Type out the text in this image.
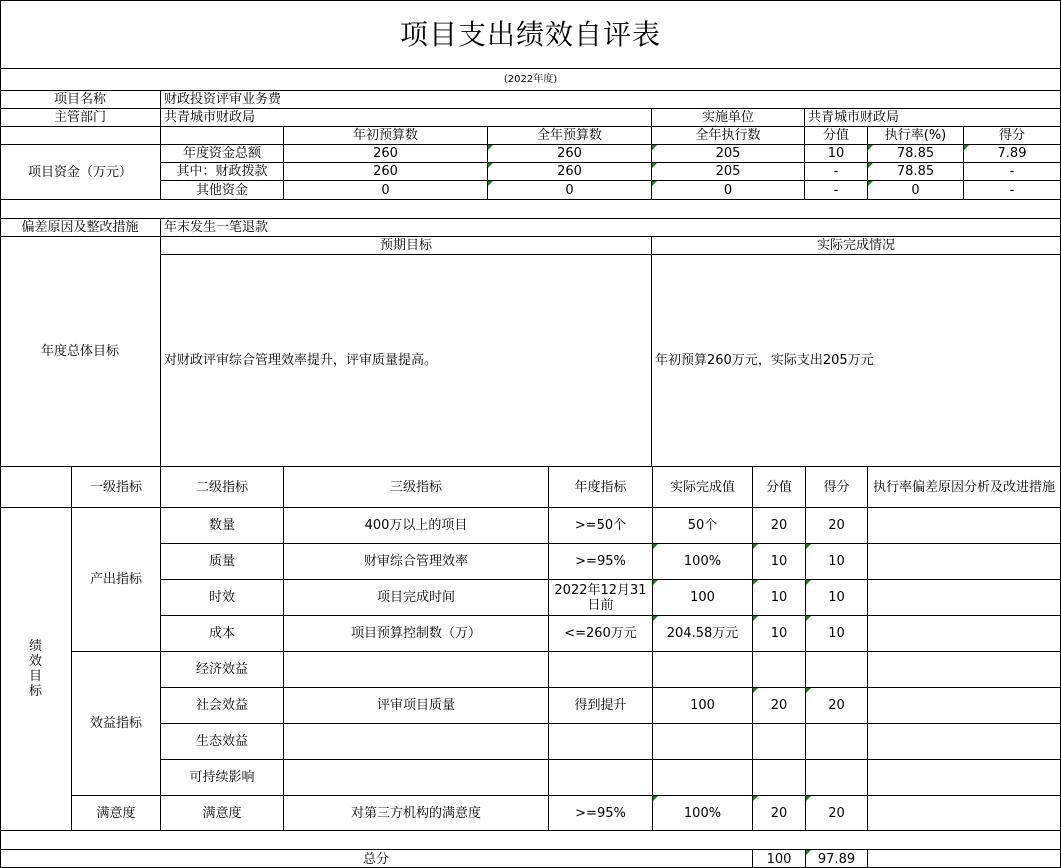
项目支出绩效自评表
(2022年度)
项目名称	财政投资评审业务费
主管部门	共青城市财政局	实施单位	共青城市财政局
项目资金（万元）
年初预算数	全年预算数	全年执行数	分值	执行率(%)	得分
年度资金总额	260	260	205	10	78.85	7.89
其中：财政拨款	260	260	205	-	78.85	-
其他资金	0	0	0	-	0	-
偏差原因及整改措施	年末发生一笔退款
年度总体目标
预期目标	实际完成情况
对财政评审综合管理效率提升，评审质量提高。	年初预算260万元，实际支出205万元
一级指标	二级指标	三级指标	年度指标	实际完成值	分值	得分	执行率偏差原因分析及改进措施
绩
效
目
标
产出指标
效益指标
满意度
数量	400万以上的项目	>=50个	50个	20	20
质量	财审综合管理效率	>=95%	100%	10	10
时效	项目完成时间	2022年12月31日前	100	10	10
成本	项目预算控制数（万）	<=260万元	204.58万元	10	10
经济效益
社会效益	评审项目质量	得到提升	100	20	20
生态效益
可持续影响
满意度	对第三方机构的满意度	>=95%	100%	20	20
总分	100	97.89
